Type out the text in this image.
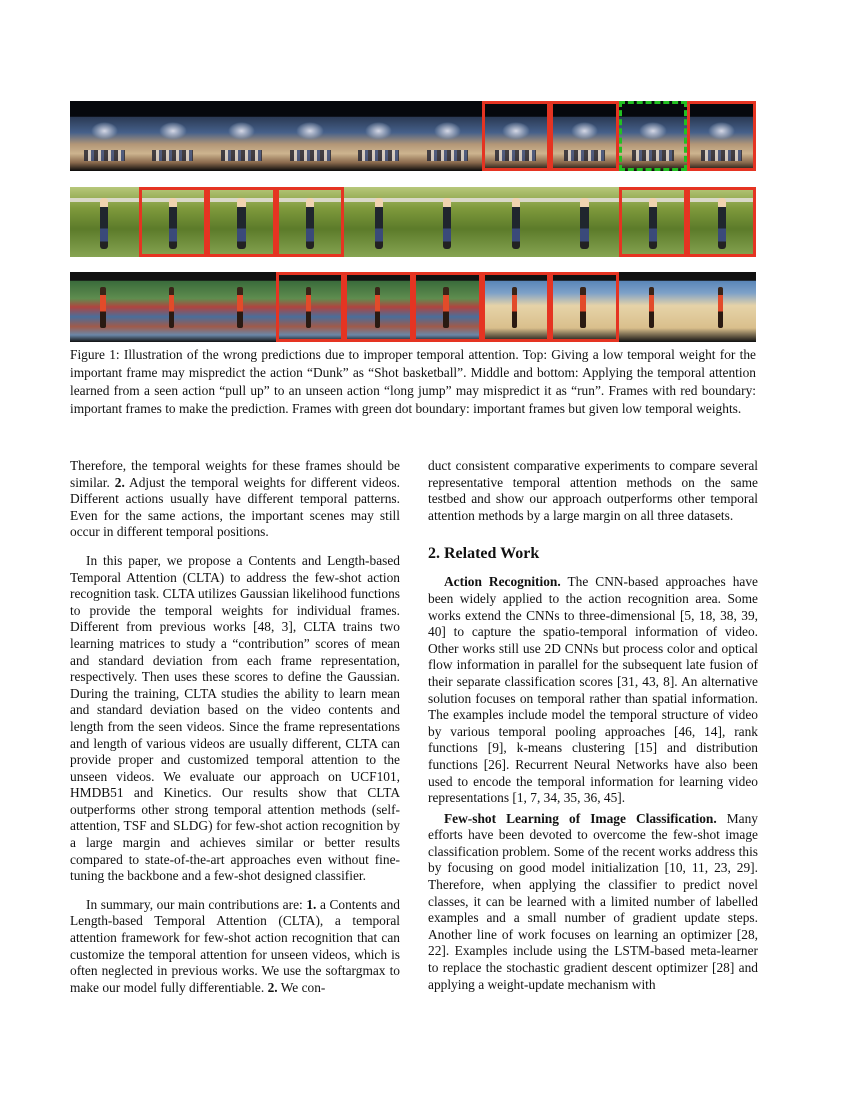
Figure 1: Illustration of the wrong predictions due to improper temporal attention. Top: Giving a low temporal weight for the important frame may mispredict the action “Dunk” as “Shot basketball”. Middle and bottom: Applying the temporal attention learned from a seen action “pull up” to an unseen action “long jump” may mispredict it as “run”. Frames with red boundary: important frames to make the prediction. Frames with green dot boundary: important frames but given low temporal weights.

Therefore, the temporal weights for these frames should be similar. 2. Adjust the temporal weights for different videos. Different actions usually have different temporal patterns. Even for the same actions, the important scenes may still occur in different temporal positions.

In this paper, we propose a Contents and Length-based Temporal Attention (CLTA) to address the few-shot action recognition task. CLTA utilizes Gaussian likelihood functions to provide the temporal weights for individual frames. Different from previous works [48, 3], CLTA trains two learning matrices to study a “contribution” scores of mean and standard deviation from each frame representation, respectively. Then uses these scores to define the Gaussian. During the training, CLTA studies the ability to learn mean and standard deviation based on the video contents and length from the seen videos. Since the frame representations and length of various videos are usually different, CLTA can provide proper and customized temporal attention to the unseen videos. We evaluate our approach on UCF101, HMDB51 and Kinetics. Our results show that CLTA outperforms other strong temporal attention methods (self-attention, TSF and SLDG) for few-shot action recognition by a large margin and achieves similar or better results compared to state-of-the-art approaches even without fine-tuning the backbone and a few-shot designed classifier.

In summary, our main contributions are: 1. a Contents and Length-based Temporal Attention (CLTA), a temporal attention framework for few-shot action recognition that can customize the temporal attention for unseen videos, which is often neglected in previous works. We use the softargmax to make our model fully differentiable. 2. We con-

duct consistent comparative experiments to compare several representative temporal attention methods on the same testbed and show our approach outperforms other temporal attention methods by a large margin on all three datasets.

2. Related Work

Action Recognition. The CNN-based approaches have been widely applied to the action recognition area. Some works extend the CNNs to three-dimensional [5, 18, 38, 39, 40] to capture the spatio-temporal information of video. Other works still use 2D CNNs but process color and optical flow information in parallel for the subsequent late fusion of their separate classification scores [31, 43, 8]. An alternative solution focuses on temporal rather than spatial information. The examples include model the temporal structure of video by various temporal pooling approaches [46, 14], rank functions [9], k-means clustering [15] and distribution functions [26]. Recurrent Neural Networks have also been used to encode the temporal information for learning video representations [1, 7, 34, 35, 36, 45].

Few-shot Learning of Image Classification. Many efforts have been devoted to overcome the few-shot image classification problem. Some of the recent works address this by focusing on good model initialization [10, 11, 23, 29]. Therefore, when applying the classifier to predict novel classes, it can be learned with a limited number of labelled examples and a small number of gradient update steps. Another line of work focuses on learning an optimizer [28, 22]. Examples include using the LSTM-based meta-learner to replace the stochastic gradient descent optimizer [28] and applying a weight-update mechanism with
